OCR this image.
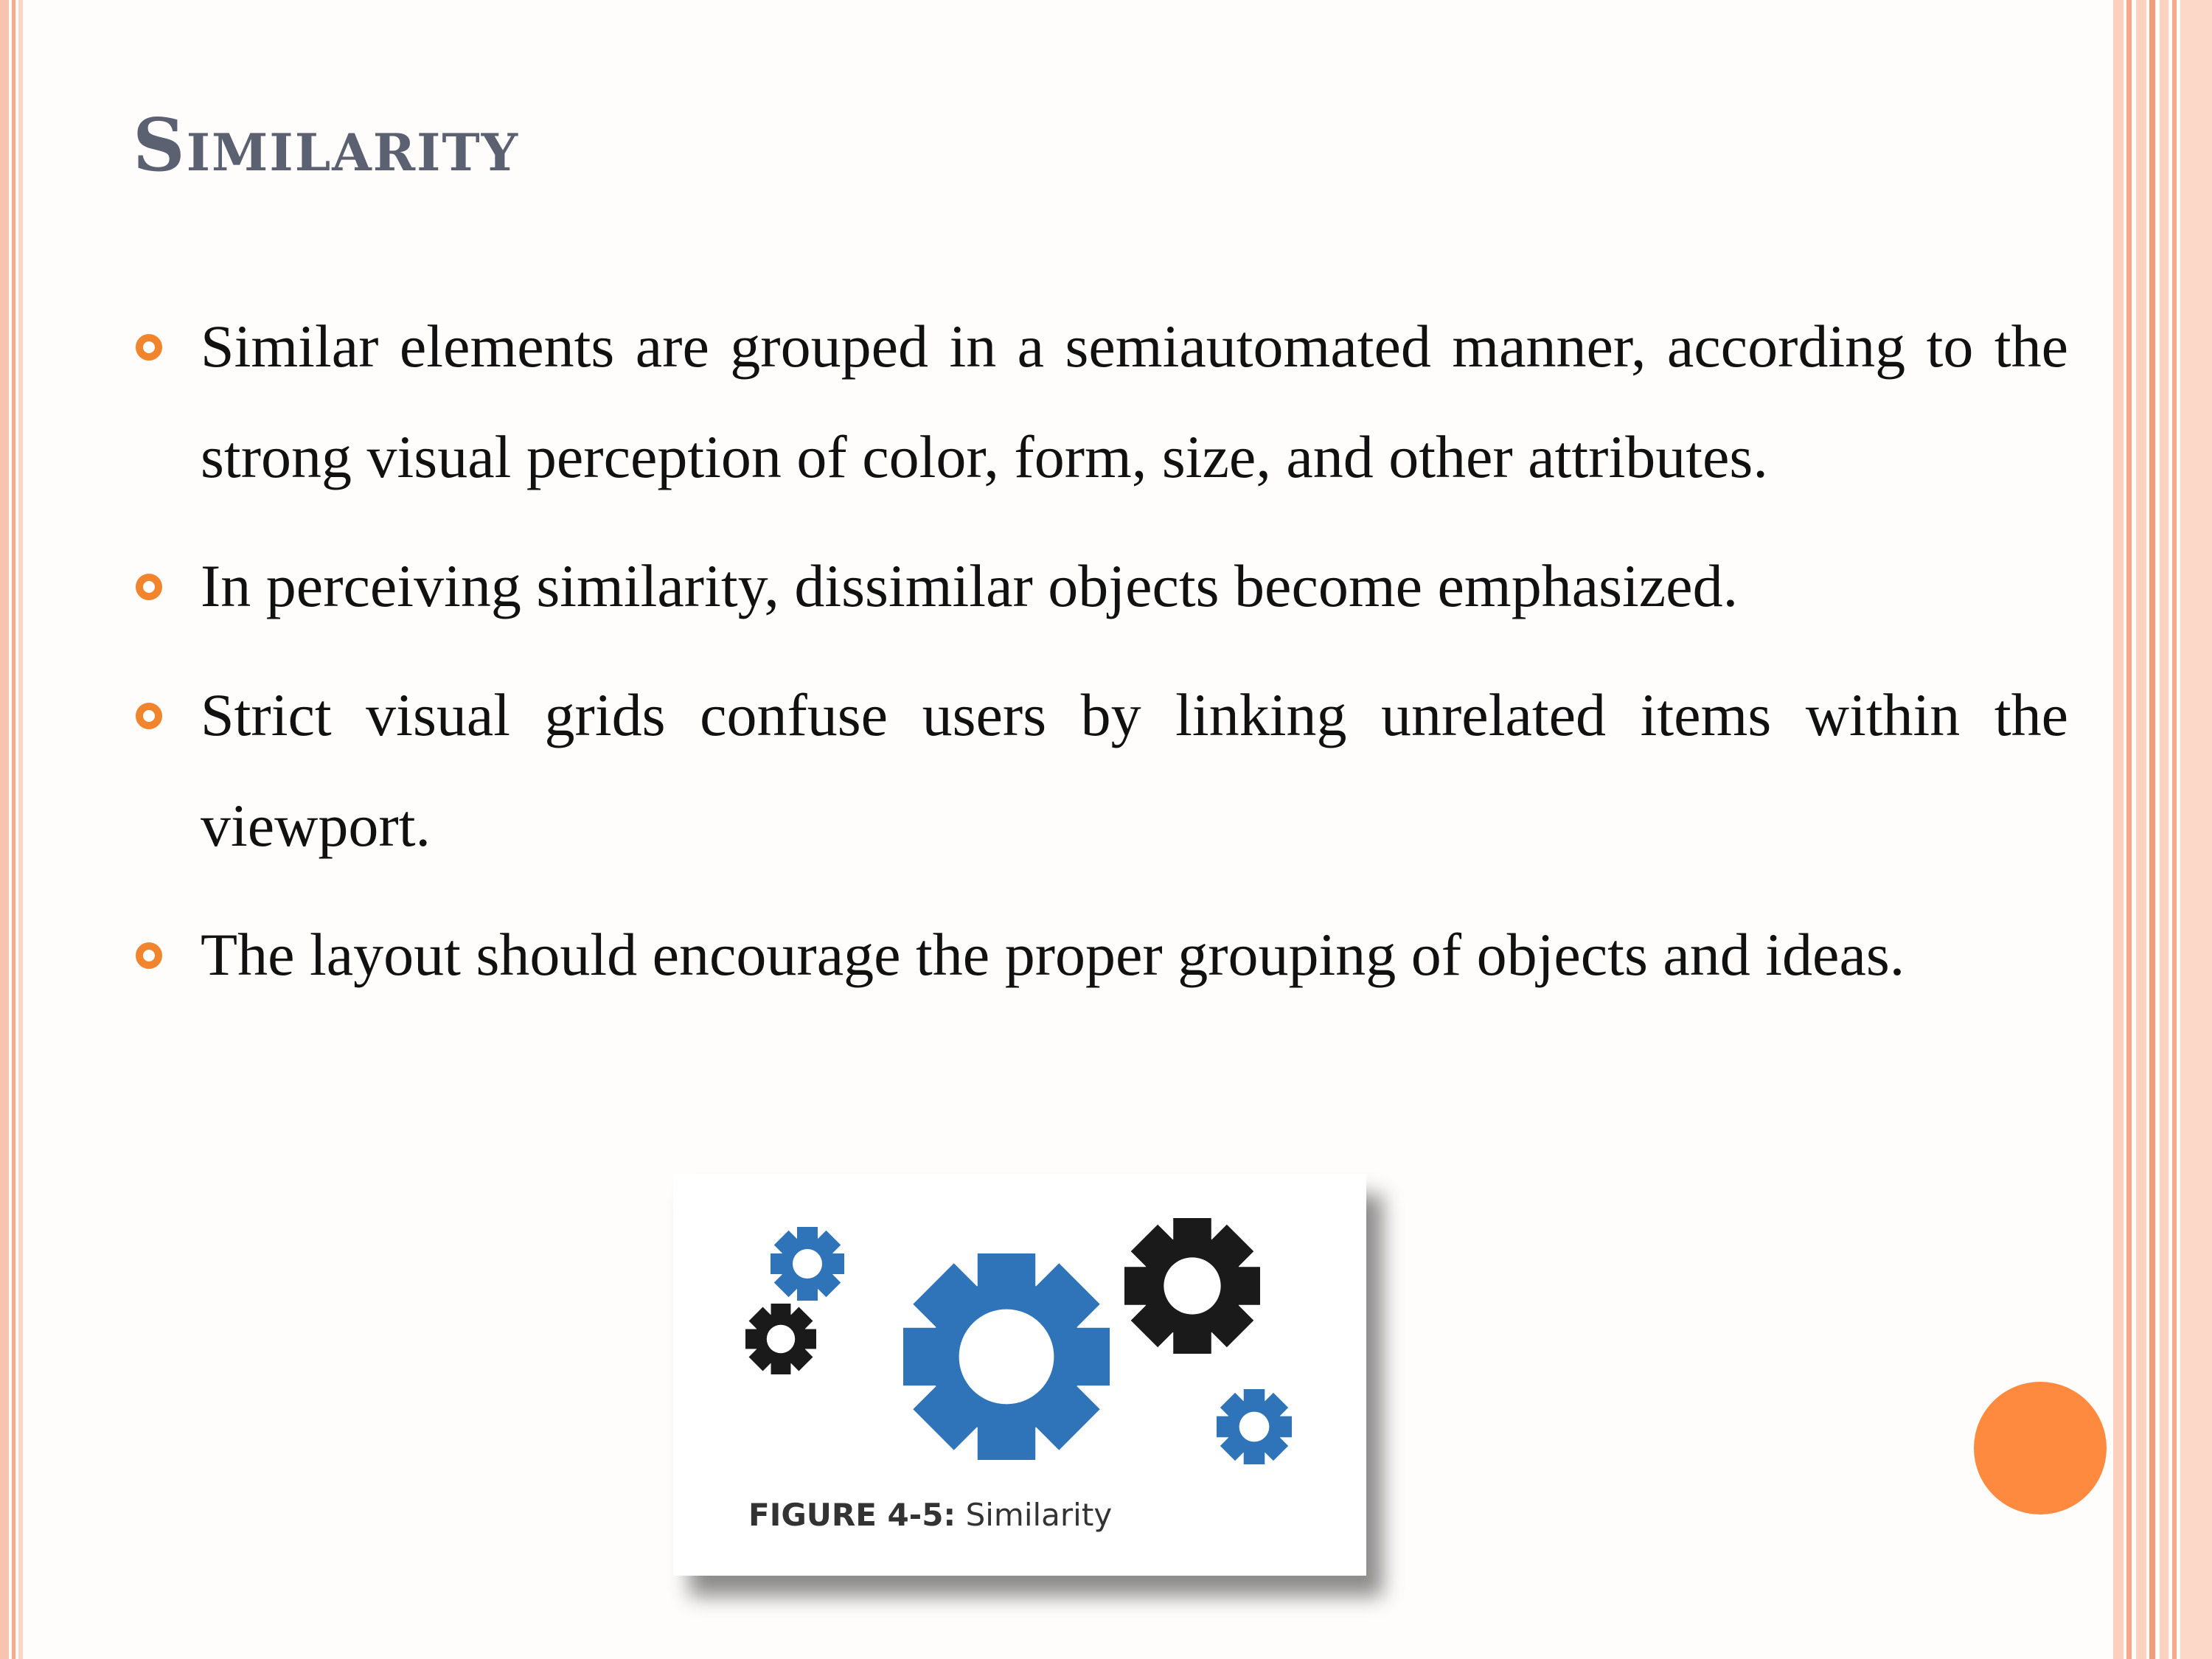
Similarity
Similar elements are grouped in a semiautomated manner, according to the strong visual perception of color, form, size, and other attributes.
In perceiving similarity, dissimilar objects become emphasized.
Strict visual grids confuse users by linking unrelated items within the viewport.
The layout should encourage the proper grouping of objects and ideas.
FIGURE 4-5: Similarity
